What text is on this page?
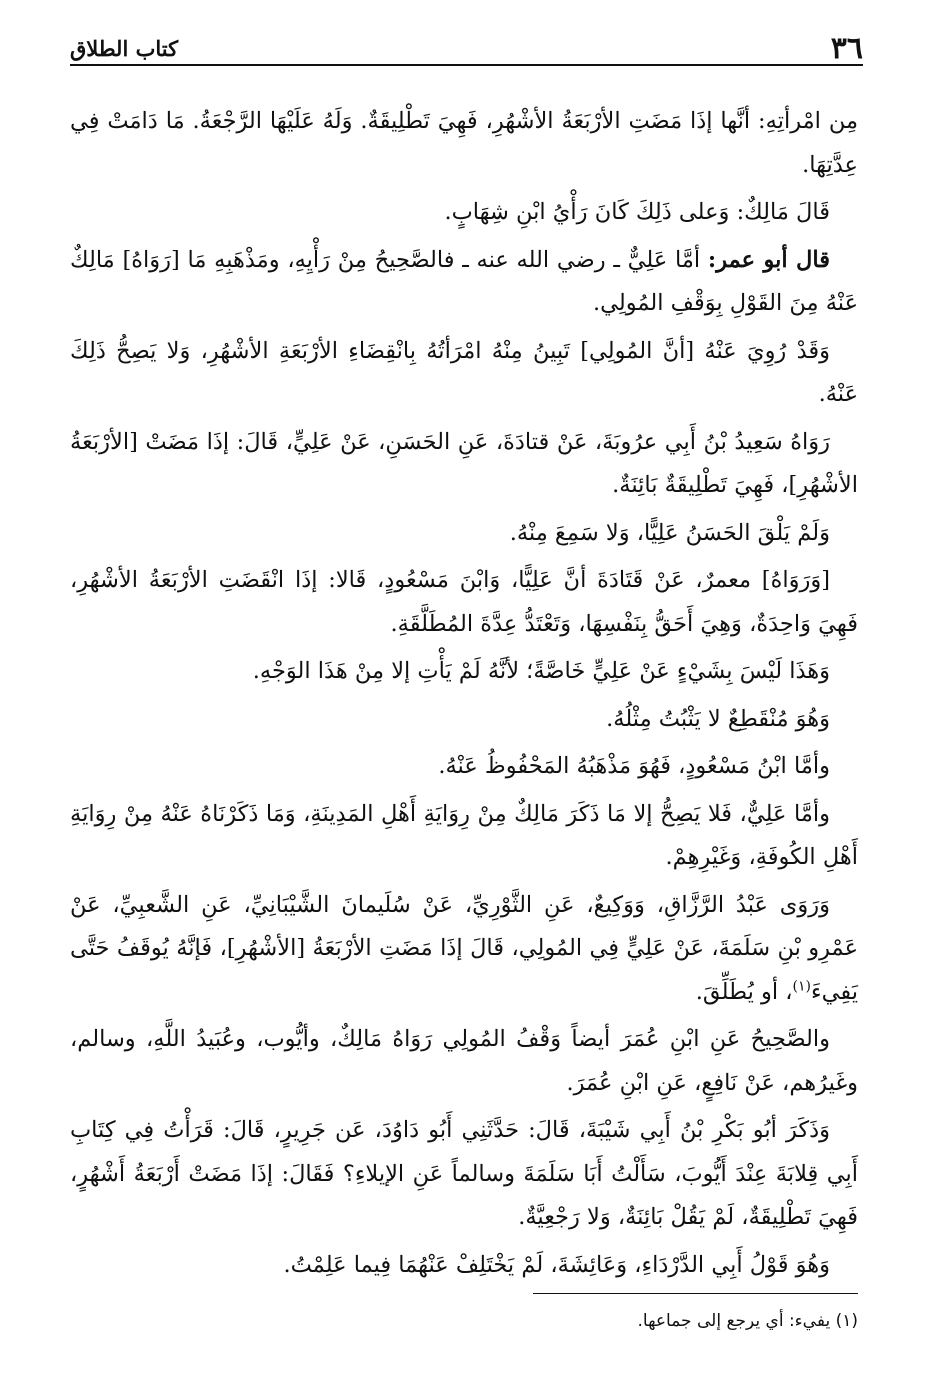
٣٦
كتاب الطلاق

مِن امْرأتِهِ: أنَّها إذَا مَضَتِ الأرْبَعَةُ الأشْهُرِ، فَهِيَ تَطْلِيقَةٌ. وَلَهُ عَلَيْهَا الرَّجْعَةُ. مَا دَامَتْ فِي عِدَّتِهَا.

قَالَ مَالِكٌ: وَعلى ذَلِكَ كَانَ رَأْيُ ابْنِ شِهَابٍ.

قال أبو عمر: أمَّا عَلِيٌّ ـ رضي الله عنه ـ فالصَّحِيحُ مِنْ رَأْيِهِ، ومَذْهَبِهِ مَا [رَوَاهُ] مَالِكٌ عَنْهُ مِنَ القَوْلِ بِوَقْفِ المُولِي.

وَقَدْ رُوِيَ عَنْهُ [أنَّ المُولِي] تَبِينُ مِنْهُ امْرَأتُهُ بِانْقِضَاءِ الأرْبَعَةِ الأشْهُرِ، وَلا يَصِحُّ ذَلِكَ عَنْهُ.

رَوَاهُ سَعِيدُ بْنُ أَبِي عرُوبَةَ، عَنْ قتادَةَ، عَنِ الحَسَنِ، عَنْ عَلِيٍّ، قَالَ: إذَا مَضَتْ [الأرْبَعَةُ الأشْهُرِ]، فَهِيَ تَطْلِيقَةٌ بَائِنَةٌ.

وَلَمْ يَلْقَ الحَسَنُ عَلِيًّا، وَلا سَمِعَ مِنْهُ.

[وَرَوَاهُ] معمرٌ، عَنْ قَتَادَةَ أنَّ عَلِيًّا، وَابْنَ مَسْعُودٍ، قَالا: إذَا انْقَضَتِ الأرْبَعَةُ الأشْهُرِ، فَهِيَ وَاحِدَةٌ، وَهِيَ أَحَقُّ بِنَفْسِهَا، وَتَعْتَدُّ عِدَّةَ المُطَلَّقَةِ.

وَهَذَا لَيْسَ بِشَيْءٍ عَنْ عَلِيٍّ خَاصَّةً؛ لأنَّهُ لَمْ يَأْتِ إلا مِنْ هَذَا الوَجْهِ.

وَهُوَ مُنْقَطِعٌ لا يَثْبُتُ مِثْلُهُ.

وأمَّا ابْنُ مَسْعُودٍ، فَهُوَ مَذْهَبُهُ المَحْفُوظُ عَنْهُ.

وأمَّا عَلِيٌّ، فَلا يَصِحُّ إلا مَا ذَكَرَ مَالِكٌ مِنْ رِوَايَةِ أَهْلِ المَدِينَةِ، وَمَا ذَكَرْنَاهُ عَنْهُ مِنْ رِوَايَةِ أَهْلِ الكُوفَةِ، وَغَيْرِهِمْ.

وَرَوَى عَبْدُ الرَّزَّاقِ، وَوَكِيعٌ، عَنِ الثَّوْرِيِّ، عَنْ سُلَيمانَ الشَّيْبَانِيِّ، عَنِ الشَّعبِيِّ، عَنْ عَمْرِو بْنِ سَلَمَةَ، عَنْ عَلِيٍّ فِي المُولِي، قَالَ إذَا مَضَتِ الأرْبَعَةُ [الأشْهُرِ]، فَإنَّهُ يُوقَفُ حَتَّى يَفِيءَ$^{(١)}$، أو يُطَلِّقَ.

والصَّحِيحُ عَنِ ابْنِ عُمَرَ أيضاً وَقْفُ المُولِي رَوَاهُ مَالِكٌ، وأيُّوب، وعُبَيدُ اللَّهِ، وسالم، وغَيرُهم، عَنْ نَافِعٍ، عَنِ ابْنِ عُمَرَ.

وَذَكَرَ أبُو بَكْرِ بْنُ أَبِي شَيْبَةَ، قَالَ: حَدَّثَنِي أَبُو دَاوُدَ، عَن جَرِيرٍ، قَالَ: قَرَأْتُ فِي كِتَابِ أَبِي قِلابَةَ عِنْدَ أَيُّوبَ، سَأَلْتُ أَبَا سَلَمَةَ وسالماً عَنِ الإيلاءِ؟ فَقَالَ: إذَا مَضَتْ أَرْبَعَةُ أَشْهُرٍ، فَهِيَ تَطْلِيقَةٌ، لَمْ يَقُلْ بَائِنَةٌ، وَلا رَجْعِيَّةٌ.

وَهُوَ قَوْلُ أَبِي الدَّرْدَاءِ، وَعَائِشَةَ، لَمْ يَخْتَلِفْ عَنْهُمَا فِيما عَلِمْتُ.

(١) يفيء: أي يرجع إلى جماعها.
